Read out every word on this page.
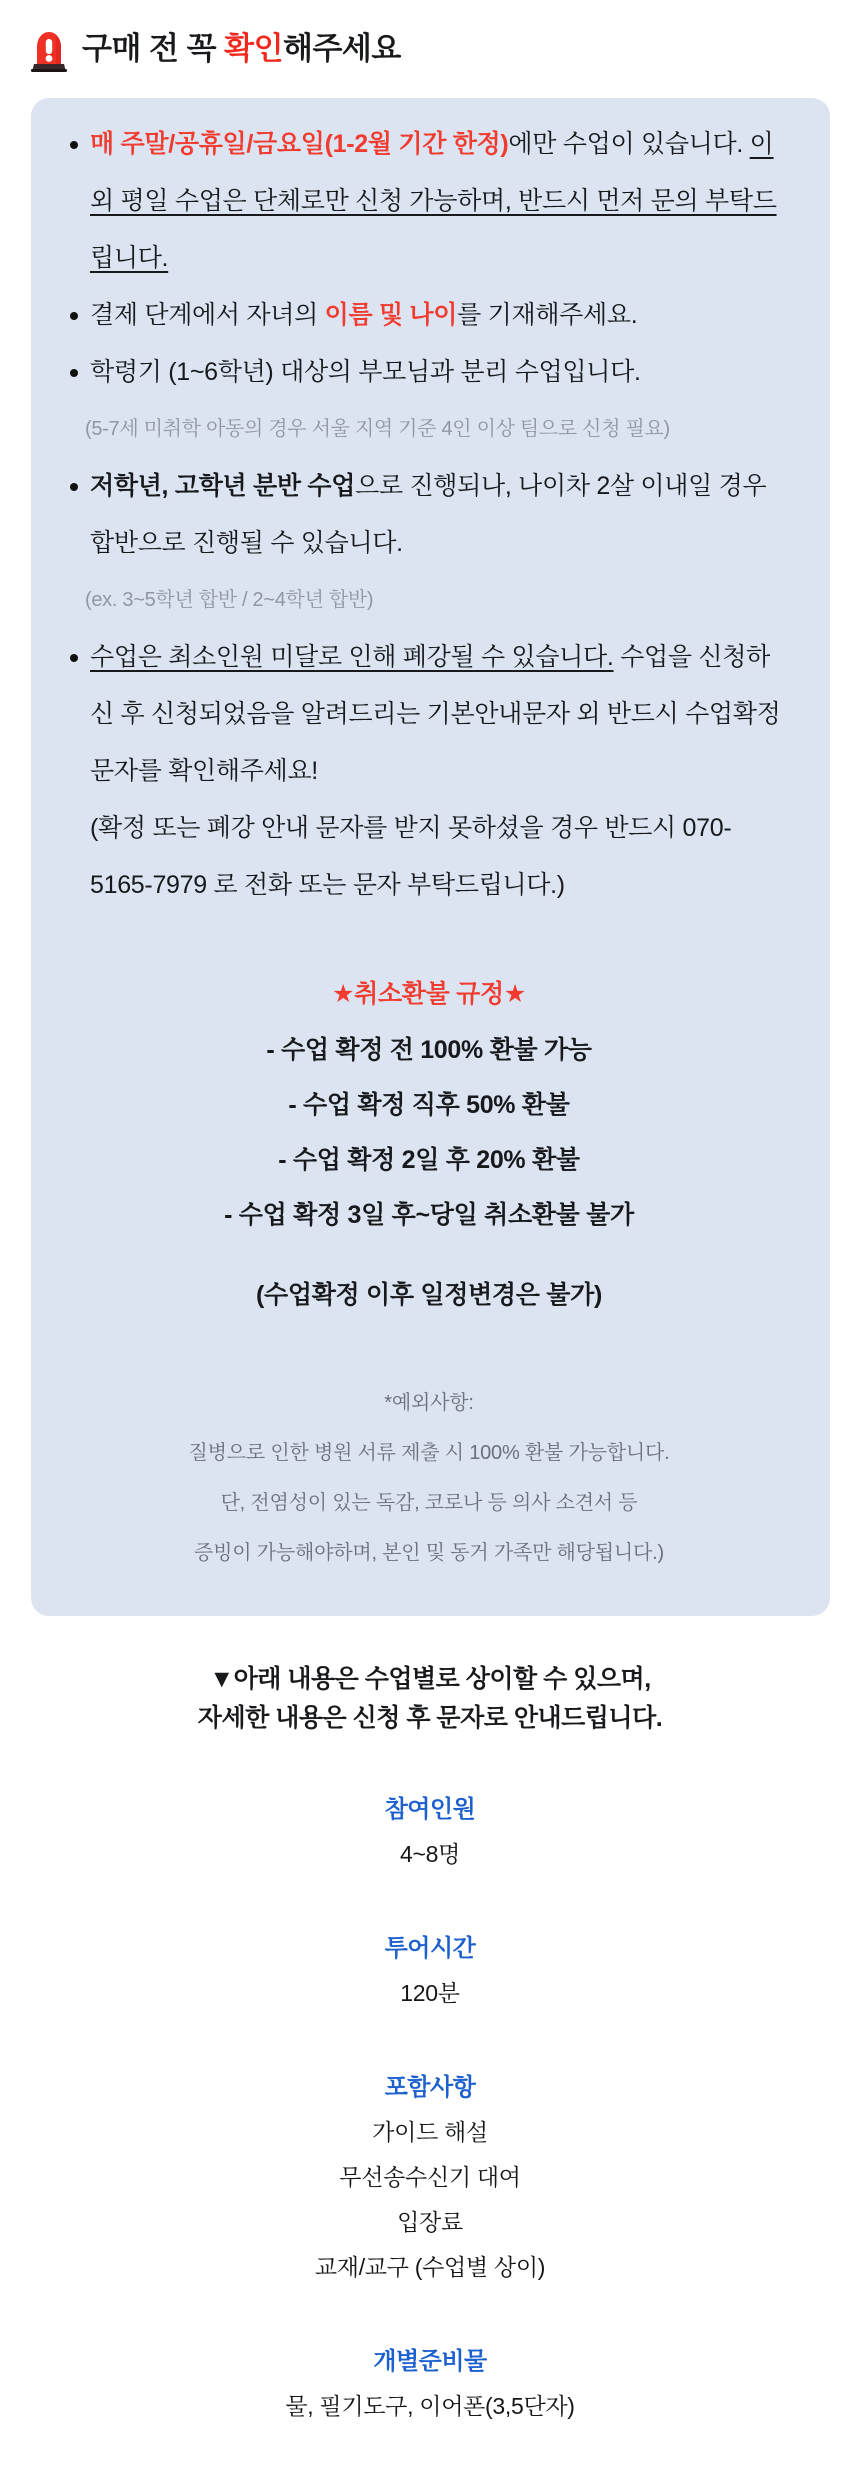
구매 전 꼭 확인해주세요
매 주말/공휴일/금요일(1-2월 기간 한정)에만 수업이 있습니다. 이 외 평일 수업은 단체로만 신청 가능하며, 반드시 먼저 문의 부탁드립니다.
결제 단계에서 자녀의 이름 및 나이를 기재해주세요.
학령기 (1~6학년) 대상의 부모님과 분리 수업입니다.
(5-7세 미취학 아동의 경우 서울 지역 기준 4인 이상 팀으로 신청 필요)
저학년, 고학년 분반 수업으로 진행되나, 나이차 2살 이내일 경우 합반으로 진행될 수 있습니다.
(ex. 3~5학년 합반 / 2~4학년 합반)
수업은 최소인원 미달로 인해 폐강될 수 있습니다. 수업을 신청하신 후 신청되었음을 알려드리는 기본안내문자 외 반드시 수업확정문자를 확인해주세요!
(확정 또는 폐강 안내 문자를 받지 못하셨을 경우 반드시 070-5165-7979 로 전화 또는 문자 부탁드립니다.)
★취소환불 규정★
- 수업 확정 전 100% 환불 가능
- 수업 확정 직후 50% 환불
- 수업 확정 2일 후 20% 환불
- 수업 확정 3일 후~당일 취소환불 불가
(수업확정 이후 일정변경은 불가)
*예외사항:
질병으로 인한 병원 서류 제출 시 100% 환불 가능합니다.
단, 전염성이 있는 독감, 코로나 등 의사 소견서 등
증빙이 가능해야하며, 본인 및 동거 가족만 해당됩니다.)
▼아래 내용은 수업별로 상이할 수 있으며,
자세한 내용은 신청 후 문자로 안내드립니다.
참여인원
4~8명
투어시간
120분
포함사항
가이드 해설
무선송수신기 대여
입장료
교재/교구 (수업별 상이)
개별준비물
물, 필기도구, 이어폰(3,5단자)
